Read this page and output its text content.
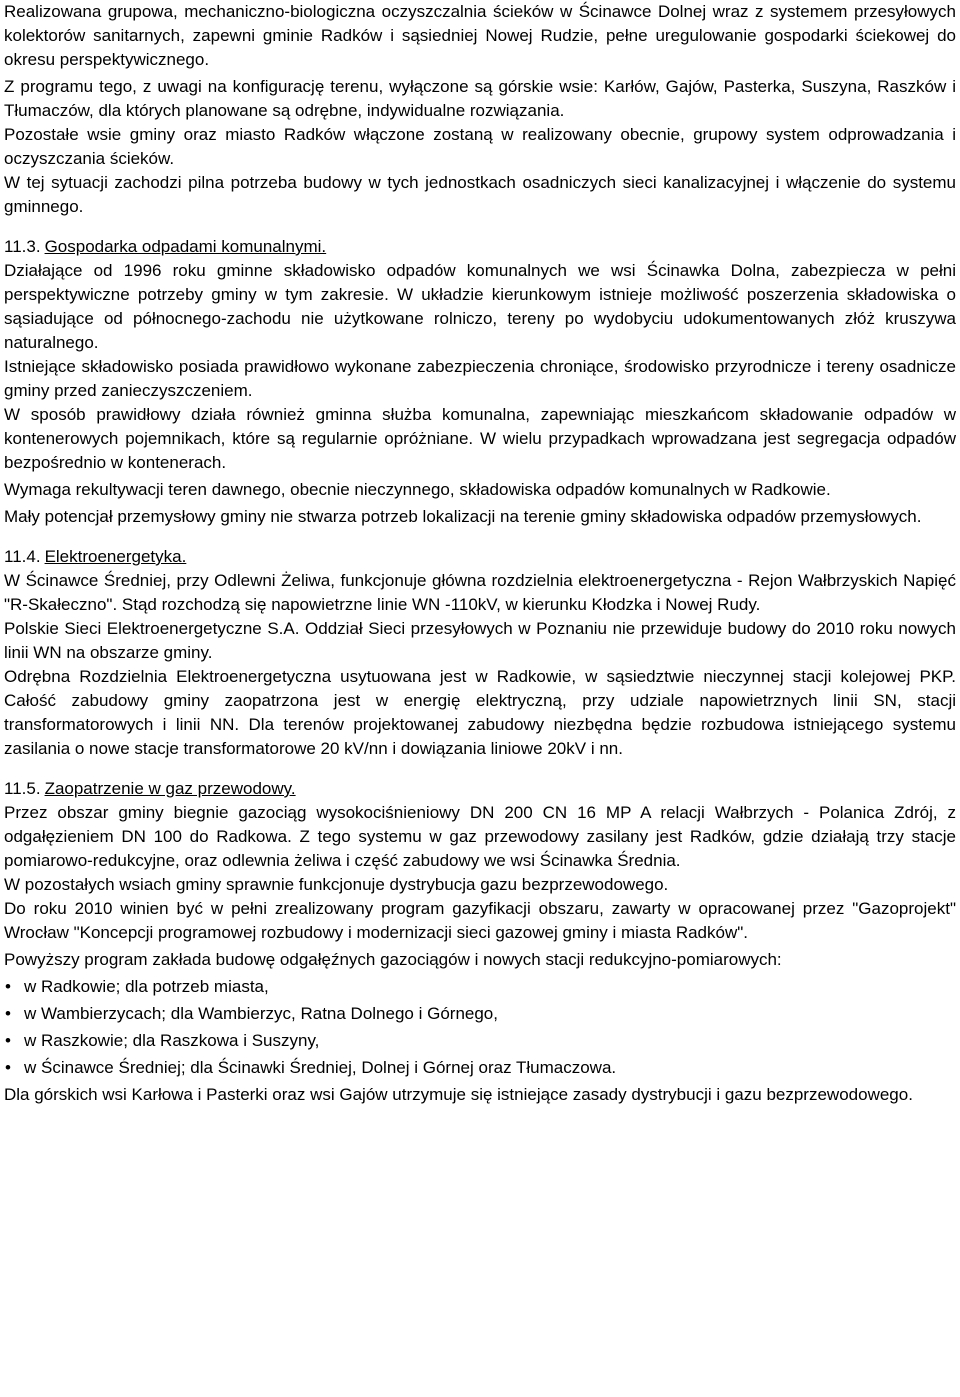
Realizowana grupowa, mechaniczno-biologiczna oczyszczalnia ścieków w Ścinawce Dolnej wraz z systemem przesyłowych kolektorów sanitarnych, zapewni gminie Radków i sąsiedniej Nowej Rudzie, pełne uregulowanie gospodarki ściekowej do okresu perspektywicznego.

Z programu tego, z uwagi na konfigurację terenu, wyłączone są górskie wsie: Karłów, Gajów, Pasterka, Suszyna, Raszków i Tłumaczów, dla których planowane są odrębne, indywidualne rozwiązania.

Pozostałe wsie gminy oraz miasto Radków włączone zostaną w realizowany obecnie, grupowy system odprowadzania i oczyszczania ścieków.

W tej sytuacji zachodzi pilna potrzeba budowy w tych jednostkach osadniczych sieci kanalizacyjnej i włączenie do systemu gminnego.

11.3. Gospodarka odpadami komunalnymi.

Działające od 1996 roku gminne składowisko odpadów komunalnych we wsi Ścinawka Dolna, zabezpiecza w pełni perspektywiczne potrzeby gminy w tym zakresie. W układzie kierunkowym istnieje możliwość poszerzenia składowiska o sąsiadujące od północnego-zachodu nie użytkowane rolniczo, tereny po wydobyciu udokumentowanych złóż kruszywa naturalnego.

Istniejące składowisko posiada prawidłowo wykonane zabezpieczenia chroniące, środowisko przyrodnicze i tereny osadnicze gminy przed zanieczyszczeniem.

W sposób prawidłowy działa również gminna służba komunalna, zapewniając mieszkańcom składowanie odpadów w kontenerowych pojemnikach, które są regularnie opróżniane. W wielu przypadkach wprowadzana jest segregacja odpadów bezpośrednio w kontenerach.

Wymaga rekultywacji teren dawnego, obecnie nieczynnego, składowiska odpadów komunalnych w Radkowie.

Mały potencjał przemysłowy gminy nie stwarza potrzeb lokalizacji na terenie gminy składowiska odpadów przemysłowych.

11.4. Elektroenergetyka.

W Ścinawce Średniej, przy Odlewni Żeliwa, funkcjonuje główna rozdzielnia elektroenergetyczna - Rejon Wałbrzyskich Napięć "R-Skałeczno". Stąd rozchodzą się napowietrzne linie WN -110kV, w kierunku Kłodzka i Nowej Rudy.

Polskie Sieci Elektroenergetyczne S.A. Oddział Sieci przesyłowych w Poznaniu nie przewiduje budowy do 2010 roku nowych linii WN na obszarze gminy.

Odrębna Rozdzielnia Elektroenergetyczna usytuowana jest w Radkowie, w sąsiedztwie nieczynnej stacji kolejowej PKP. Całość zabudowy gminy zaopatrzona jest w energię elektryczną, przy udziale napowietrznych linii SN, stacji transformatorowych i linii NN. Dla terenów projektowanej zabudowy niezbędna będzie rozbudowa istniejącego systemu zasilania o nowe stacje transformatorowe 20 kV/nn i dowiązania liniowe 20kV i nn.

11.5. Zaopatrzenie w gaz przewodowy.

Przez obszar gminy biegnie gazociąg wysokociśnieniowy DN 200 CN 16 MP A relacji Wałbrzych - Polanica Zdrój, z odgałęzieniem DN 100 do Radkowa. Z tego systemu w gaz przewodowy zasilany jest Radków, gdzie działają trzy stacje pomiarowo-redukcyjne, oraz odlewnia żeliwa i część zabudowy we wsi Ścinawka Średnia.

W pozostałych wsiach gminy sprawnie funkcjonuje dystrybucja gazu bezprzewodowego.

Do roku 2010 winien być w pełni zrealizowany program gazyfikacji obszaru, zawarty w opracowanej przez "Gazoprojekt" Wrocław "Koncepcji programowej rozbudowy i modernizacji sieci gazowej gminy i miasta Radków".

Powyższy program zakłada budowę odgałęźnych gazociągów i nowych stacji redukcyjno-pomiarowych:

• w Radkowie; dla potrzeb miasta,
• w Wambierzycach; dla Wambierzyc, Ratna Dolnego i Górnego,
• w Raszkowie; dla Raszkowa i Suszyny,
• w Ścinawce Średniej; dla Ścinawki Średniej, Dolnej i Górnej oraz Tłumaczowa.

Dla górskich wsi Karłowa i Pasterki oraz wsi Gajów utrzymuje się istniejące zasady dystrybucji i gazu bezprzewodowego.
